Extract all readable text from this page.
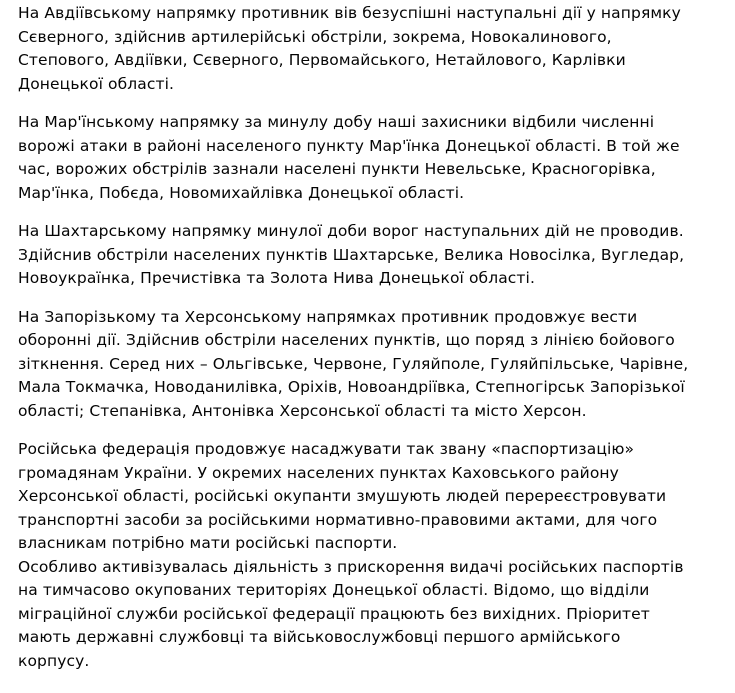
На Авдіївському напрямку противник вів безуспішні наступальні дії у напрямку
Сєверного, здійснив артилерійські обстріли, зокрема, Новокалинового,
Степового, Авдіївки, Сєверного, Первомайського, Нетайлового, Карлівки
Донецької області.
На Мар'їнському напрямку за минулу добу наші захисники відбили численні
ворожі атаки в районі населеного пункту Мар'їнка Донецької області. В той же
час, ворожих обстрілів зазнали населені пункти Невельське, Красногорівка,
Мар'їнка, Побєда, Новомихайлівка Донецької області.
На Шахтарському напрямку минулої доби ворог наступальних дій не проводив.
Здійснив обстріли населених пунктів Шахтарське, Велика Новосілка, Вугледар,
Новоукраїнка, Пречистівка та Золота Нива Донецької області.
На Запорізькому та Херсонському напрямках противник продовжує вести
оборонні дії. Здійснив обстріли населених пунктів, що поряд з лінією бойового
зіткнення. Серед них – Ольгівське, Червоне, Гуляйполе, Гуляйпільське, Чарівне,
Мала Токмачка, Новоданилівка, Оріхів, Новоандріївка, Степногірськ Запорізької
області; Степанівка, Антонівка Херсонської області та місто Херсон.
Російська федерація продовжує насаджувати так звану «паспортизацію»
громадянам України. У окремих населених пунктах Каховського району
Херсонської області, російські окупанти змушують людей перереєстровувати
транспортні засоби за російськими нормативно-правовими актами, для чого
власникам потрібно мати російські паспорти.
Особливо активізувалась діяльність з прискорення видачі російських паспортів
на тимчасово окупованих територіях Донецької області. Відомо, що відділи
міграційної служби російської федерації працюють без вихідних. Пріоритет
мають державні службовці та військовослужбовці першого армійського
корпусу.
